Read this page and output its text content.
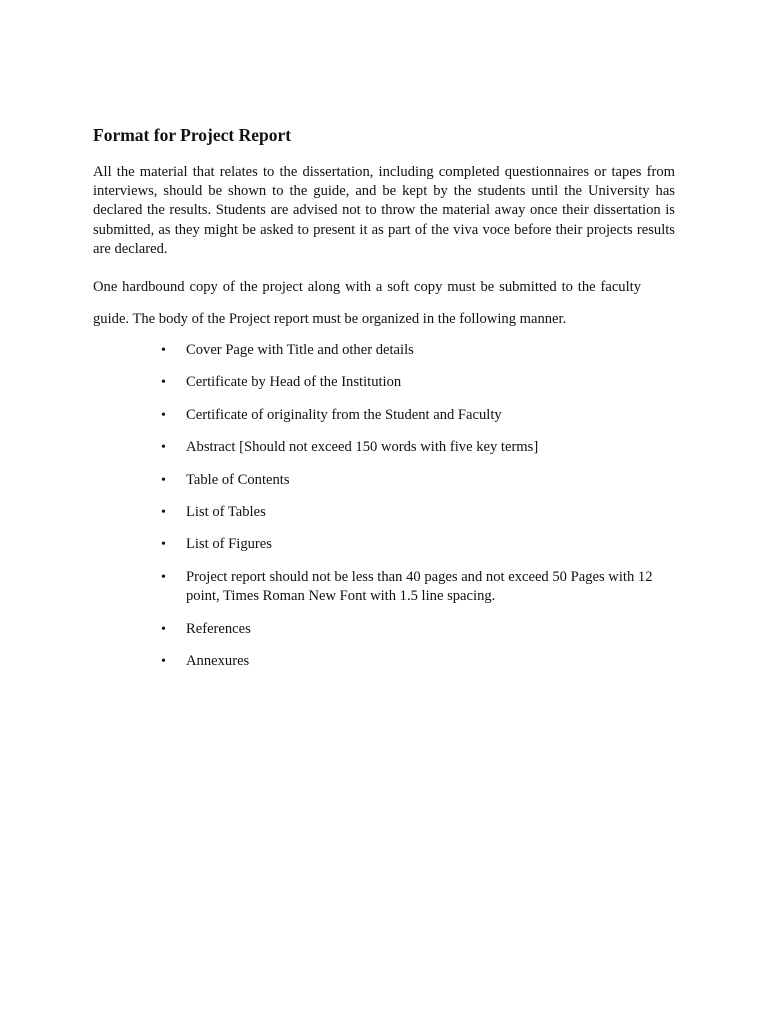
Format for Project Report

All the material that relates to the dissertation, including completed questionnaires or tapes from interviews, should be shown to the guide, and be kept by the students until the University has declared the results. Students are advised not to throw the material away once their dissertation is submitted, as they might be asked to present it as part of the viva voce before their projects results are declared.

One hardbound copy of the project along with a soft copy must be submitted to the faculty guide. The body of the Project report must be organized in the following manner.

• Cover Page with Title and other details
• Certificate by Head of the Institution
• Certificate of originality from the Student and Faculty
• Abstract [Should not exceed 150 words with five key terms]
• Table of Contents
• List of Tables
• List of Figures
• Project report should not be less than 40 pages and not exceed 50 Pages with 12 point, Times Roman New Font with 1.5 line spacing.
• References
• Annexures
